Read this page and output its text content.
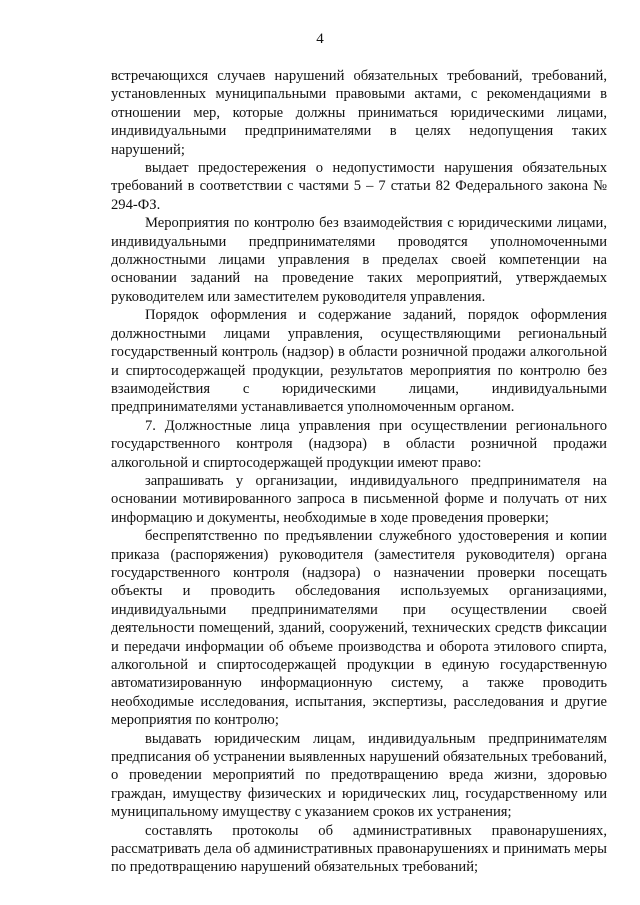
4

встречающихся случаев нарушений обязательных требований, требований, установленных муниципальными правовыми актами, с рекомендациями в отношении мер, которые должны приниматься юридическими лицами, индивидуальными предпринимателями в целях недопущения таких нарушений;

выдает предостережения о недопустимости нарушения обязательных требований в соответствии с частями 5 – 7 статьи 82 Федерального закона № 294-ФЗ.

Мероприятия по контролю без взаимодействия с юридическими лицами, индивидуальными предпринимателями проводятся уполномоченными должностными лицами управления в пределах своей компетенции на основании заданий на проведение таких мероприятий, утверждаемых руководителем или заместителем руководителя управления.

Порядок оформления и содержание заданий, порядок оформления должностными лицами управления, осуществляющими региональный государственный контроль (надзор) в области розничной продажи алкогольной и спиртосодержащей продукции, результатов мероприятия по контролю без взаимодействия с юридическими лицами, индивидуальными предпринимателями устанавливается уполномоченным органом.

7. Должностные лица управления при осуществлении регионального государственного контроля (надзора) в области розничной продажи алкогольной и спиртосодержащей продукции имеют право:

запрашивать у организации, индивидуального предпринимателя на основании мотивированного запроса в письменной форме и получать от них информацию и документы, необходимые в ходе проведения проверки;

беспрепятственно по предъявлении служебного удостоверения и копии приказа (распоряжения) руководителя (заместителя руководителя) органа государственного контроля (надзора) о назначении проверки посещать объекты и проводить обследования используемых организациями, индивидуальными предпринимателями при осуществлении своей деятельности помещений, зданий, сооружений, технических средств фиксации и передачи информации об объеме производства и оборота этилового спирта, алкогольной и спиртосодержащей продукции в единую государственную автоматизированную информационную систему, а также проводить необходимые исследования, испытания, экспертизы, расследования и другие мероприятия по контролю;

выдавать юридическим лицам, индивидуальным предпринимателям предписания об устранении выявленных нарушений обязательных требований, о проведении мероприятий по предотвращению вреда жизни, здоровью граждан, имуществу физических и юридических лиц, государственному или муниципальному имуществу с указанием сроков их устранения;

составлять протоколы об административных правонарушениях, рассматривать дела об административных правонарушениях и принимать меры по предотвращению нарушений обязательных требований;
